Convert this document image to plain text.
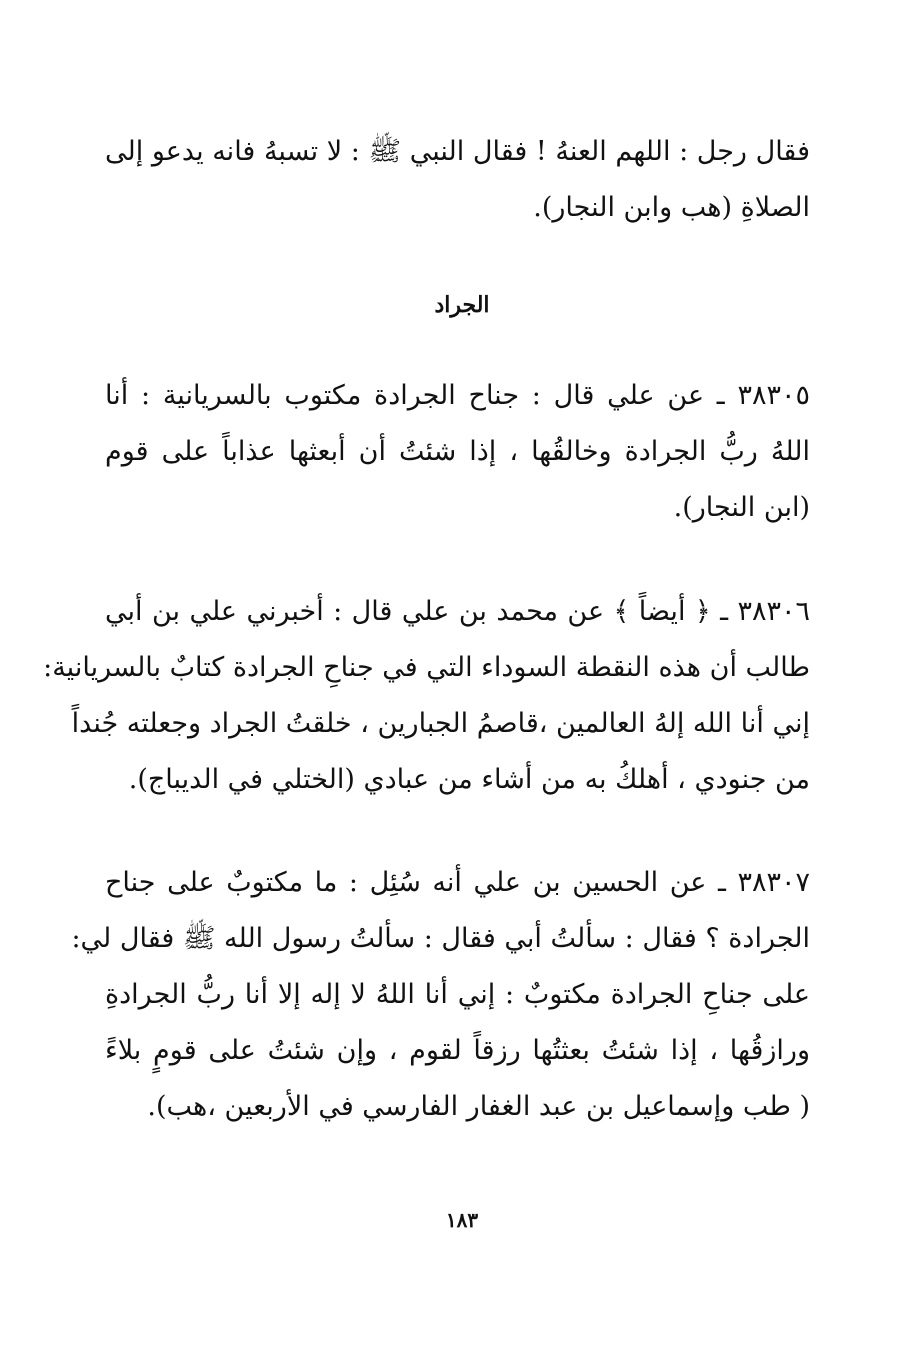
فقال رجل : اللهم العنهُ ! فقال النبي ﷺ : لا تسبهُ فانه يدعو إلى
الصلاةِ (هب وابن النجار).
الجراد
٣٨٣٠٥ ـ عن علي قال : جناح الجرادة مكتوب بالسريانية : أنا
اللهُ ربُّ الجرادة وخالقُها ، إذا شئتُ أن أبعثها عذاباً على قوم
(ابن النجار).
٣٨٣٠٦ ـ ﴿ أيضاً ﴾ عن محمد بن علي قال : أخبرني علي بن أبي
طالب أن هذه النقطة السوداء التي في جناحِ الجرادة كتابٌ بالسريانية:
إني أنا الله إلهُ العالمين ،قاصمُ الجبارين ، خلقتُ الجراد وجعلته جُنداً
من جنودي ، أهلكُ به من أشاء من عبادي (الختلي في الديباج).
٣٨٣٠٧ ـ عن الحسين بن علي أنه سُئِل : ما مكتوبٌ على جناح
الجرادة ؟ فقال : سألتُ أبي فقال : سألتُ رسول الله ﷺ فقال لي:
على جناحِ الجرادة مكتوبٌ : إني أنا اللهُ لا إله إلا أنا ربُّ الجرادةِ
ورازقُها ، إذا شئتُ بعثتُها رزقاً لقوم ، وإن شئتُ على قومٍ بلاءً
( طب وإسماعيل بن عبد الغفار الفارسي في الأربعين ،هب).
١٨٣
